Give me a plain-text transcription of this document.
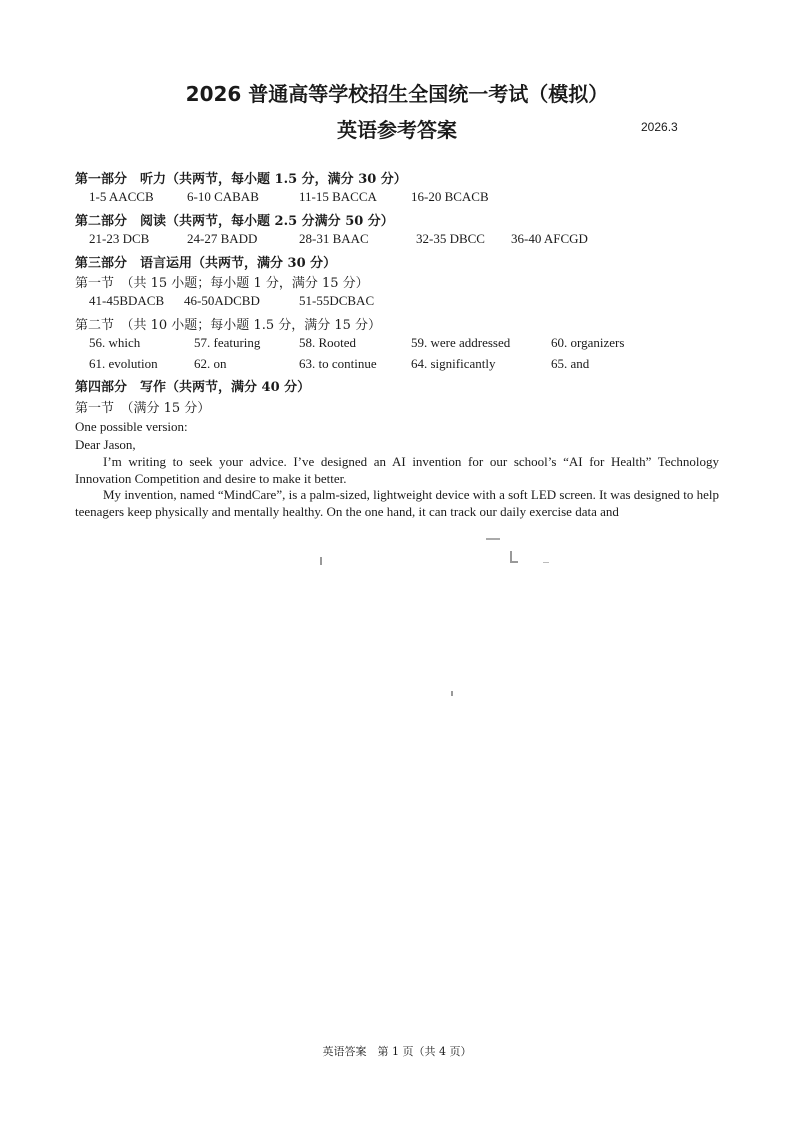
2026 普通高等学校招生全国统一考试（模拟）
英语参考答案	2026.3
第一部分　听力（共两节，每小题 1.5 分，满分 30 分）
1-5 AACCB	6-10 CABAB	11-15 BACCA	16-20 BCACB
第二部分　阅读（共两节，每小题 2.5 分满分 50 分）
21-23 DCB	24-27 BADD	28-31 BAAC	32-35 DBCC 36-40 AFCGD
第三部分　语言运用（共两节，满分 30 分）
第一节　（共 15 小题；每小题 1 分，满分 15 分）
41-45BDACB 46-50ADCBD	51-55DCBAC
第二节　（共 10 小题；每小题 1.5 分，满分 15 分）
56. which	57. featuring	58. Rooted	59. were addressed	60. organizers
61. evolution	62. on	63. to continue	64. significantly	65. and
第四部分　写作（共两节，满分 40 分）
第一节　（满分 15 分）
One possible version:
Dear Jason,
I’m writing to seek your advice. I’ve designed an AI invention for our school’s “AI for Health” Technology Innovation Competition and desire to make it better.
My invention, named “MindCare”, is a palm-sized, lightweight device with a soft LED screen. It was designed to help teenagers keep physically and mentally healthy. On the one hand, it can track our daily exercise data and
英语答案　第 1 页（共 4 页）
